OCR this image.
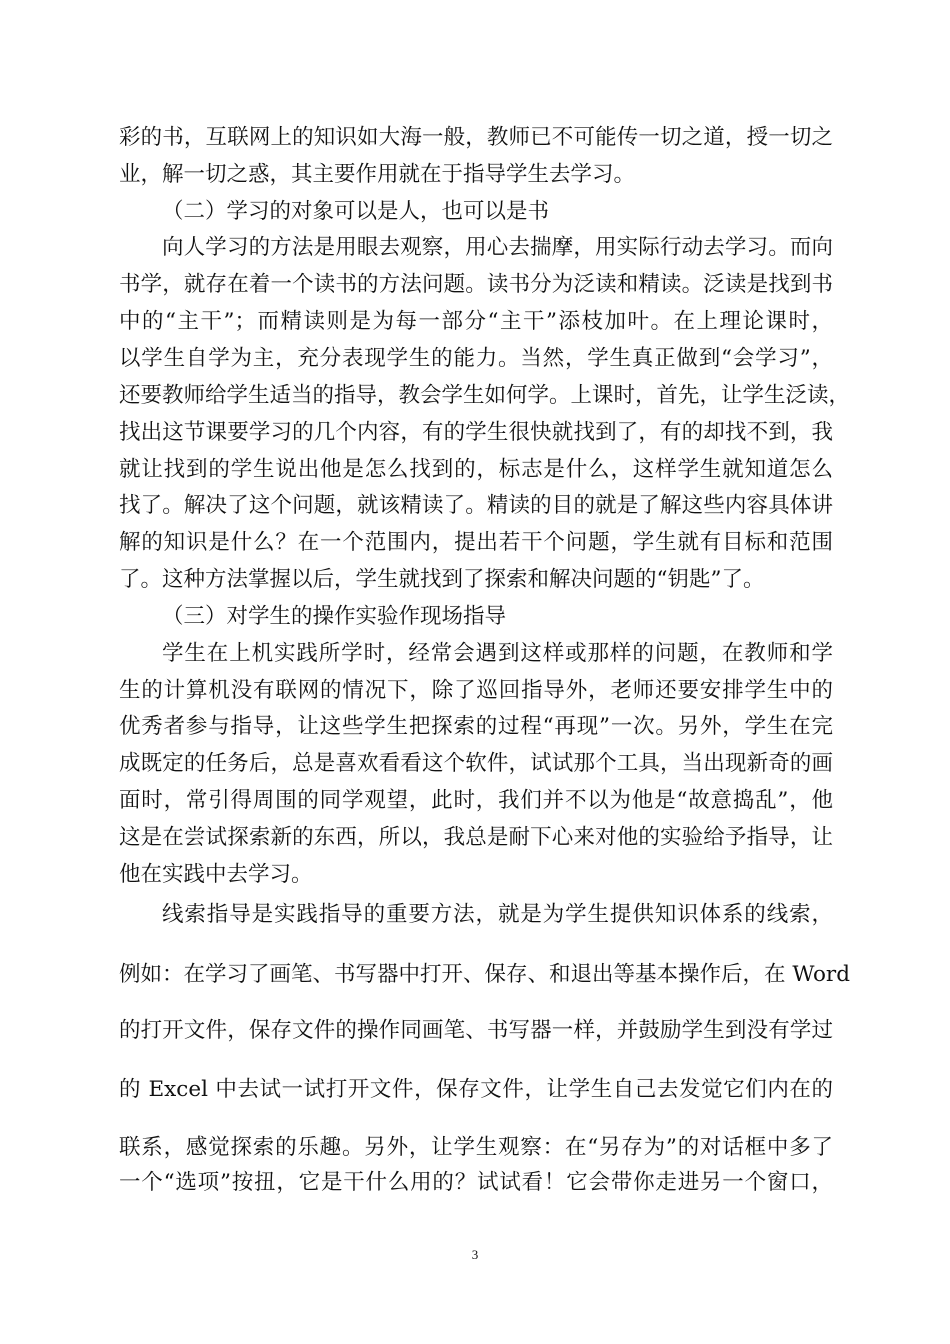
彩的书，互联网上的知识如大海一般，教师已不可能传一切之道，授一切之
业，解一切之惑，其主要作用就在于指导学生去学习。
（二）学习的对象可以是人，也可以是书
向人学习的方法是用眼去观察，用心去揣摩，用实际行动去学习。而向
书学，就存在着一个读书的方法问题。读书分为泛读和精读。泛读是找到书
中的“主干”；而精读则是为每一部分“主干”添枝加叶。在上理论课时，
以学生自学为主，充分表现学生的能力。当然，学生真正做到“会学习”，
还要教师给学生适当的指导，教会学生如何学。上课时，首先，让学生泛读，
找出这节课要学习的几个内容，有的学生很快就找到了，有的却找不到，我
就让找到的学生说出他是怎么找到的，标志是什么，这样学生就知道怎么
找了。解决了这个问题，就该精读了。精读的目的就是了解这些内容具体讲
解的知识是什么？在一个范围内，提出若干个问题，学生就有目标和范围
了。这种方法掌握以后，学生就找到了探索和解决问题的“钥匙”了。
（三）对学生的操作实验作现场指导
学生在上机实践所学时，经常会遇到这样或那样的问题，在教师和学
生的计算机没有联网的情况下，除了巡回指导外，老师还要安排学生中的
优秀者参与指导，让这些学生把探索的过程“再现”一次。另外，学生在完
成既定的任务后，总是喜欢看看这个软件，试试那个工具，当出现新奇的画
面时，常引得周围的同学观望，此时，我们并不以为他是“故意捣乱”，他
这是在尝试探索新的东西，所以，我总是耐下心来对他的实验给予指导，让
他在实践中去学习。
线索指导是实践指导的重要方法，就是为学生提供知识体系的线索，
例如：在学习了画笔、书写器中打开、保存、和退出等基本操作后，在 Word
的打开文件，保存文件的操作同画笔、书写器一样，并鼓励学生到没有学过
的 Excel 中去试一试打开文件，保存文件，让学生自己去发觉它们内在的
联系，感觉探索的乐趣。另外，让学生观察：在“另存为”的对话框中多了
一个“选项”按扭，它是干什么用的？试试看！它会带你走进另一个窗口，
3
